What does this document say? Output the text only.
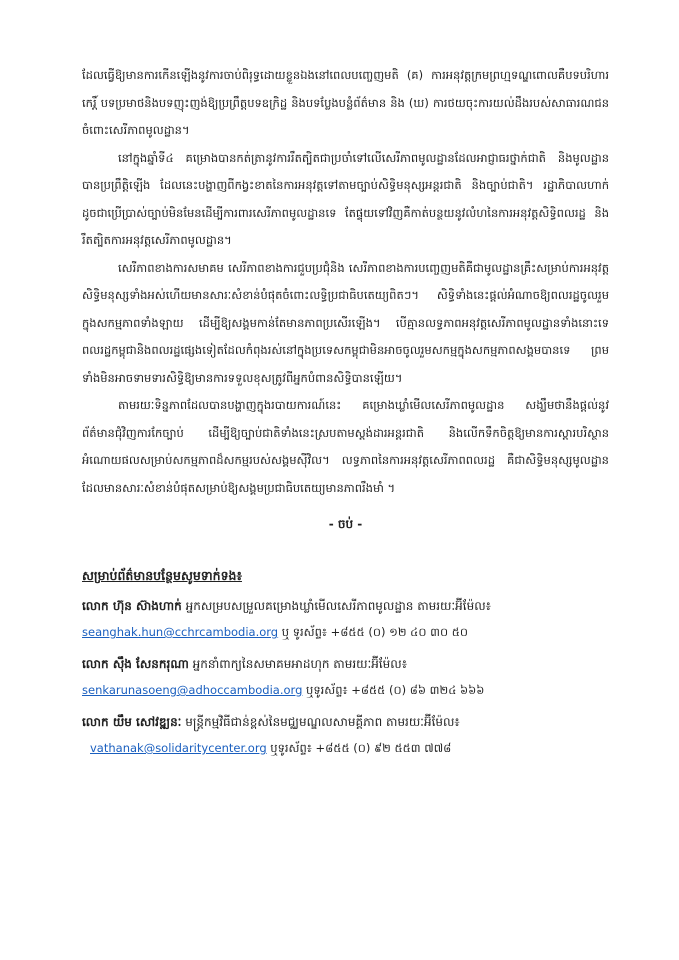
ដែលធ្វើឱ្យមានការកើនឡើងនូវការចាប់ពិរុទ្ធដោយខ្លួនឯងនៅពេលបញ្ចេញមតិ (គ) ការអនុវត្តក្រមព្រហ្មទណ្ឌពោលគឺបទបរិហារកេរ្តិ៍ បទប្រមាថនិងបទញុះញង់ឱ្យប្រព្រឹត្តបទឧក្រិដ្ឋ និងបទប្លែងបន្លំព័ត៌មាន និង (ឃ) ការថយចុះការយល់ដឹងរបស់សាធារណជនចំពោះសេរីភាពមូលដ្ឋាន។

នៅក្នុងឆ្នាំទី៤ គម្រោងបានកត់ត្រានូវការរឹតត្បិតជាប្រចាំទៅលើសេរីភាពមូលដ្ឋានដែលអាជ្ញាធរថ្នាក់ជាតិ និងមូលដ្ឋានបានប្រព្រឹត្តិឡើង ដែលនេះបង្ហាញពីកង្វះខាតនៃការអនុវត្តទៅតាមច្បាប់សិទ្ធិមនុស្សអន្តរជាតិ និងច្បាប់ជាតិ។ រដ្ឋាភិបាលហាក់ដូចជាប្រើប្រាស់ច្បាប់មិនមែនដើម្បីការពារសេរីភាពមូលដ្ឋានទេ តែផ្ទុយទៅវិញគឺកាត់បន្ថយនូវលំហនៃការអនុវត្តសិទ្ធិពលរដ្ឋ និងរឹតត្បិតការអនុវត្តសេរីភាពមូលដ្ឋាន។

សេរីភាពខាងការសមាគម សេរីភាពខាងការជួបប្រជុំនិង សេរីភាពខាងការបញ្ចេញមតិគឺជាមូលដ្ឋានគ្រឹះសម្រាប់ការអនុវត្តសិទ្ធិមនុស្សទាំងអស់ហើយមានសារៈសំខាន់បំផុតចំពោះលទ្ធិប្រជាធិបតេយ្យពិតៗ។ សិទ្ធិទាំងនេះផ្តល់អំណាចឱ្យពលរដ្ឋចូលរួមក្នុងសកម្មភាពទាំងឡាយ ដើម្បីឱ្យសង្គមកាន់តែមានភាពប្រសើរឡើង។ បើគ្មានលទ្ធភាពអនុវត្តសេរីភាពមូលដ្ឋានទាំងនោះទេ ពលរដ្ឋកម្ពុជានិងពលរដ្ឋផ្សេងទៀតដែលកំពុងរស់នៅក្នុងប្រទេសកម្ពុជាមិនអាចចូលរួមសកម្មក្នុងសកម្មភាពសង្គមបានទេ ព្រមទាំងមិនអាចទាមទារសិទ្ធិឱ្យមានការទទួលខុសត្រូវពីអ្នកបំពានសិទ្ធិបានឡើយ។

តាមរយៈទិន្នភាពដែលបានបង្ហាញក្នុងរបាយការណ៍នេះ គម្រោងឃ្លាំមើលសេរីភាពមូលដ្ឋាន សង្ឃឹមថានឹងផ្តល់នូវព័ត៌មានជុំវិញការកែច្បាប់ ដើម្បីឱ្យច្បាប់ជាតិទាំងនេះស្របតាមស្តង់ដារអន្តរជាតិ និងលើកទឹកចិត្តឱ្យមានការស្តារបរិស្ថានអំណោយផលសម្រាប់សកម្មភាពដ៏សកម្មរបស់សង្គមស៊ីវិល។ លទ្ធភាពនៃការអនុវត្តសេរីភាពពលរដ្ឋ គឺជាសិទ្ធិមនុស្សមូលដ្ឋានដែលមានសារៈសំខាន់បំផុតសម្រាប់ឱ្យសង្គមប្រជាធិបតេយ្យមានភាពរឹងមាំ ។

- ចប់ -

សម្រាប់ព័ត៌មានបន្ថែមសូមទាក់ទង៖

លោក ហ៊ុន ស៊ាងហាក់ អ្នកសម្របសម្រួលគម្រោងឃ្លាំមើលសេរីភាពមូលដ្ឋាន តាមរយៈអ៊ីម៉ែល៖

seanghak.hun@cchrcambodia.org ឬ ទូរស័ព្ទ៖ +៨៥៥ (០) ១២ ៤០ ៣០ ៥០

លោក ស៊ឹង សែនករុណា អ្នកនាំពាក្យនៃសមាគមអាដហុក តាមរយៈអ៊ីម៉ែល៖

senkarunasoeng@adhoccambodia.org ឬទូរស័ព្ទ៖ +៨៥៥ (០) ៨៦ ៣២៤ ៦៦៦

លោក យឹម សៅវឌ្ឍនៈ មន្ត្រីកម្មវិធីជាន់ខ្ពស់នៃមជ្ឈមណ្ឌលសាមគ្គីភាព តាមរយៈអ៊ីម៉ែល៖

vathanak@solidaritycenter.org ឬទូរស័ព្ទ៖ +៨៥៥ (០) ៩២ ៥៥៣ ៧៧៨
